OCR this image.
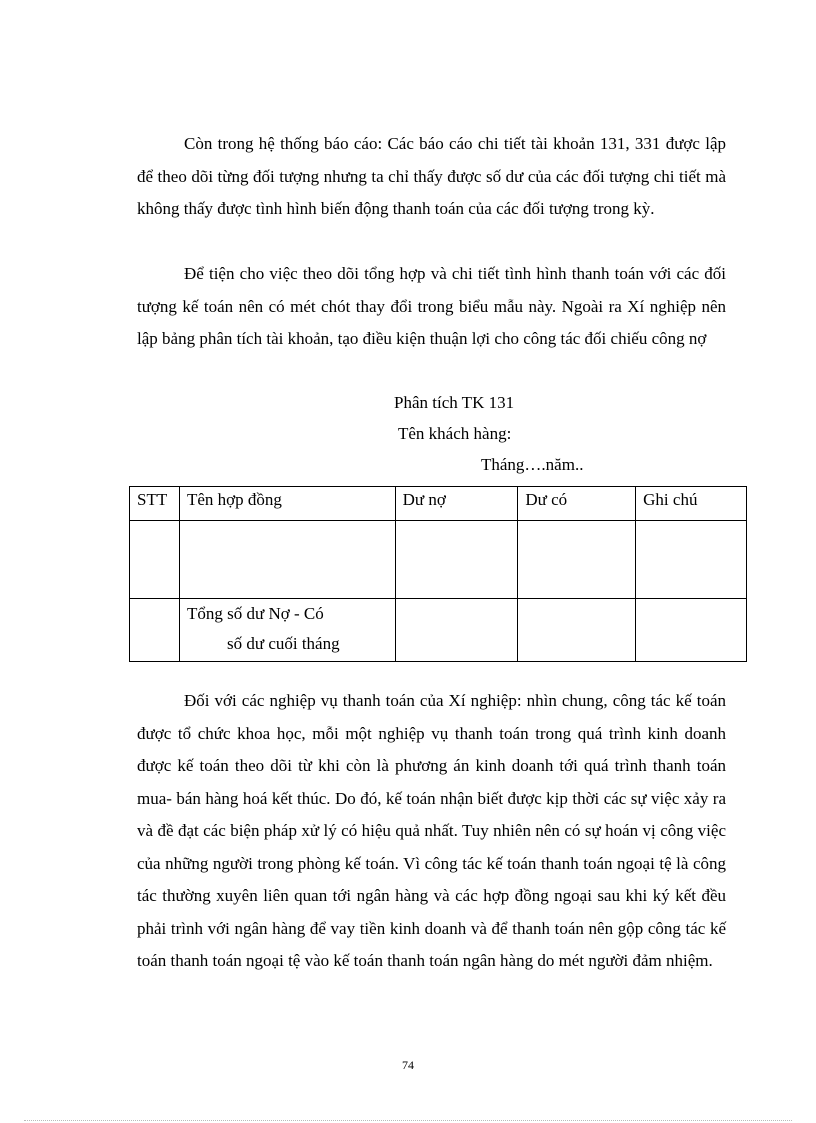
Còn trong hệ thống báo cáo: Các báo cáo chi tiết tài khoản 131, 331 được lập để theo dõi từng đối tượng nhưng ta chỉ thấy được số dư của các đối tượng chi tiết mà không thấy được tình hình biến động thanh toán của các đối tượng trong kỳ.

Để tiện cho việc theo dõi tổng hợp và chi tiết tình hình thanh toán với các đối tượng kế toán nên có mét chót thay đổi trong biểu mẫu này. Ngoài ra Xí nghiệp nên lập bảng phân tích tài khoản, tạo điều kiện thuận lợi cho công tác đối chiếu công nợ

Phân tích TK 131
Tên khách hàng:
Tháng….năm..
STT	Tên hợp đồng	Dư nợ	Dư có	Ghi chú

	Tổng số dư Nợ - Có
số dư cuối tháng			

Đối với các nghiệp vụ thanh toán của Xí nghiệp: nhìn chung, công tác kế toán được tổ chức khoa học, mỗi một nghiệp vụ thanh toán trong quá trình kinh doanh được kế toán theo dõi từ khi còn là phương án kinh doanh tới quá trình thanh toán mua- bán hàng hoá kết thúc. Do đó, kế toán nhận biết được kịp thời các sự việc xảy ra và đề đạt các biện pháp xử lý có hiệu quả nhất. Tuy nhiên nên có sự hoán vị công việc của những người trong phòng kế toán. Vì công tác kế toán thanh toán ngoại tệ là công tác thường xuyên liên quan tới ngân hàng và các hợp đồng ngoại sau khi ký kết đều phải trình với ngân hàng để vay tiền kinh doanh và để thanh toán nên gộp công tác kế toán thanh toán ngoại tệ vào kế toán thanh toán ngân hàng do mét người đảm nhiệm.

74
